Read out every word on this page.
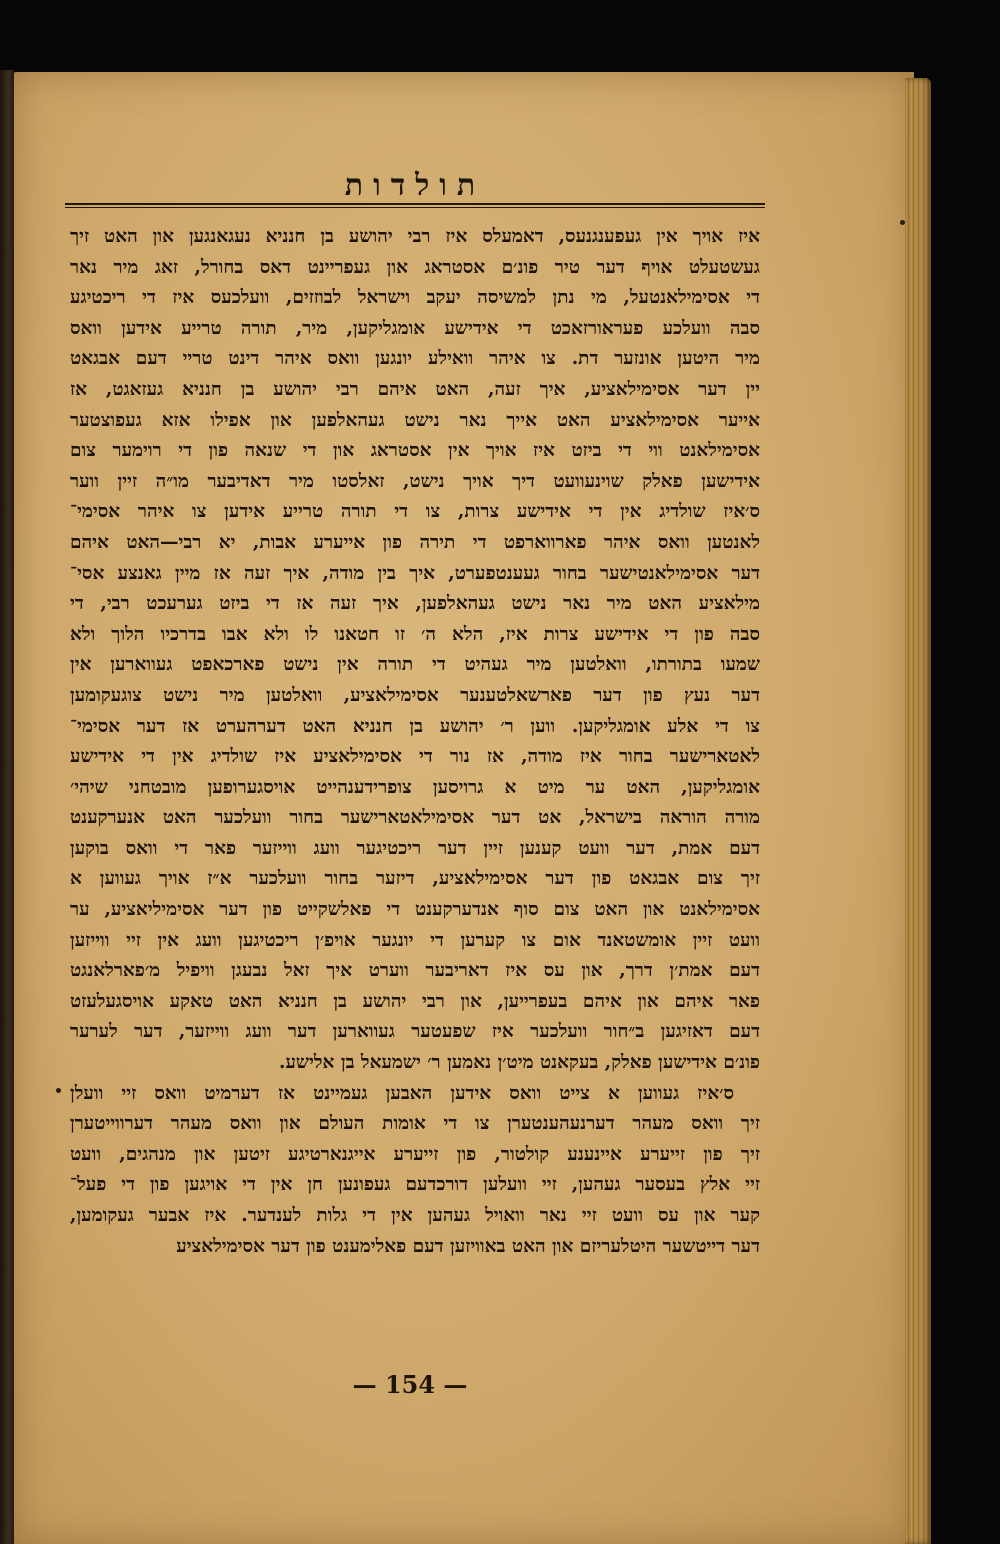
תולדות
איז אויך אין געפענגנעס, דאמעלס איז רבי יהושע בן חנניא נעגאנגען און האט זיך
געשטעלט אויף דער טיר פונ׳ם אסטראג און געפריינט דאס בחורל, זאג מיר נאר
די אסימילאנטעל, מי נתן למשיסה יעקב וישראל לבוזזים, וועלכעס איז די ריכטיגע
סבה וועלכע פעראורזאכט די אידישע אומגליקען, מיר, תורה טרייע אידען וואס
מיר היטען אונזער דת. צו איהר וואילע יונגען וואס איהר דינט טריי דעם אבגאט
יין דער אסימילאציע, איך זעה, האט איהם רבי יהושע בן חנניא געזאגט, אז
אייער אסימילאציע האט אייך נאר נישט געהאלפען און אפילו אזא געפוצטער
אסימילאנט ווי די ביזט איז אויך אין אסטראג און די שנאה פון די רוימער צום
אידישען פאלק שוינעוועט דיך אויך נישט, זאלסטו מיר דאדיבער מו״ה זיין ווער
ס׳איז שולדיג אין די אידישע צרות, צו די תורה טרייע אידען צו איהר אסימי־
לאנטען וואס איהר פארווארפט די תירה פון אייערע אבות, יא רבי—האט איהם
דער אסימילאנטישער בחור געענטפערט, איך בין מודה, איך זעה אז מיין גאנצע אסי־
מילאציע האט מיר נאר נישט געהאלפען, איך זעה אז די ביזט גערעכט רבי, די
סבה פון די אידישע צרות איז, הלא ה׳ זו חטאנו לו ולא אבו בדרכיו הלוך ולא
שמעו בתורתו, וואלטען מיר געהיט די תורה אין נישט פארכאפט געווארען אין
דער נעץ פון דער פארשאלטענער אסימילאציע, וואלטען מיר נישט צוגעקומען
צו די אלע אומגליקען. ווען ר׳ יהושע בן חנניא האט דערהערט אז דער אסימי־
לאטארישער בחור איז מודה, אז נור די אסימילאציע איז שולדיג אין די אידישע
אומגליקען, האט ער מיט א גרויסען צופרידענהייט אויסגערופען מובטחני שיהי׳
מורה הוראה בישראל, אט דער אסימילאטארישער בחור וועלכער האט אנערקענט
דעם אמת, דער וועט קענען זיין דער ריכטיגער וועג ווייזער פאר די וואס בוקען
זיך צום אבגאט פון דער אסימילאציע, דיזער בחור וועלכער א״ז אויך געווען א
אסימילאנט און האט צום סוף אנדערקענט די פאלשקייט פון דער אסימיליאציע, ער
וועט זיין אומשטאנד אום צו קערען די יונגער אויפ׳ן ריכטיגען וועג אין זיי ווייזען
דעם אמת׳ן דרך, און עס איז דאריבער ווערט איך זאל נבעגן וויפיל מ׳פארלאנגט
פאר איהם און איהם בעפרייען, און רבי יהושע בן חנניא האט טאקע אויסגעלעזט
דעם דאזיגען ב״חור וועלכער איז שפעטער געווארען דער וועג ווייזער, דער לערער
פונ׳ם אידישען פאלק, בעקאנט מיט׳ן נאמען ר׳ ישמעאל בן אלישע.
ס׳איז געווען א צייט וואס אידען האבען געמיינט אז דערמיט וואס זיי וועלן
זיך וואס מעהר דערנעהענטערן צו די אומות העולם און וואס מעהר דערווייטערן
זיך פון זייערע איינענע קולטור, פון זייערע אייגנארטיגע זיטען און מנהגים, וועט
זיי אלץ בעסער געהען, זיי וועלען דורכדעם געפונען חן אין די אויגען פון די פעל־
קער און עס וועט זיי נאר וואויל געהען אין די גלות לענדער. איז אבער געקומען,
דער דייטשער היטלעריזם און האט באוויזען דעם פאלימענט פון דער אסימילאציע
— 154 —
